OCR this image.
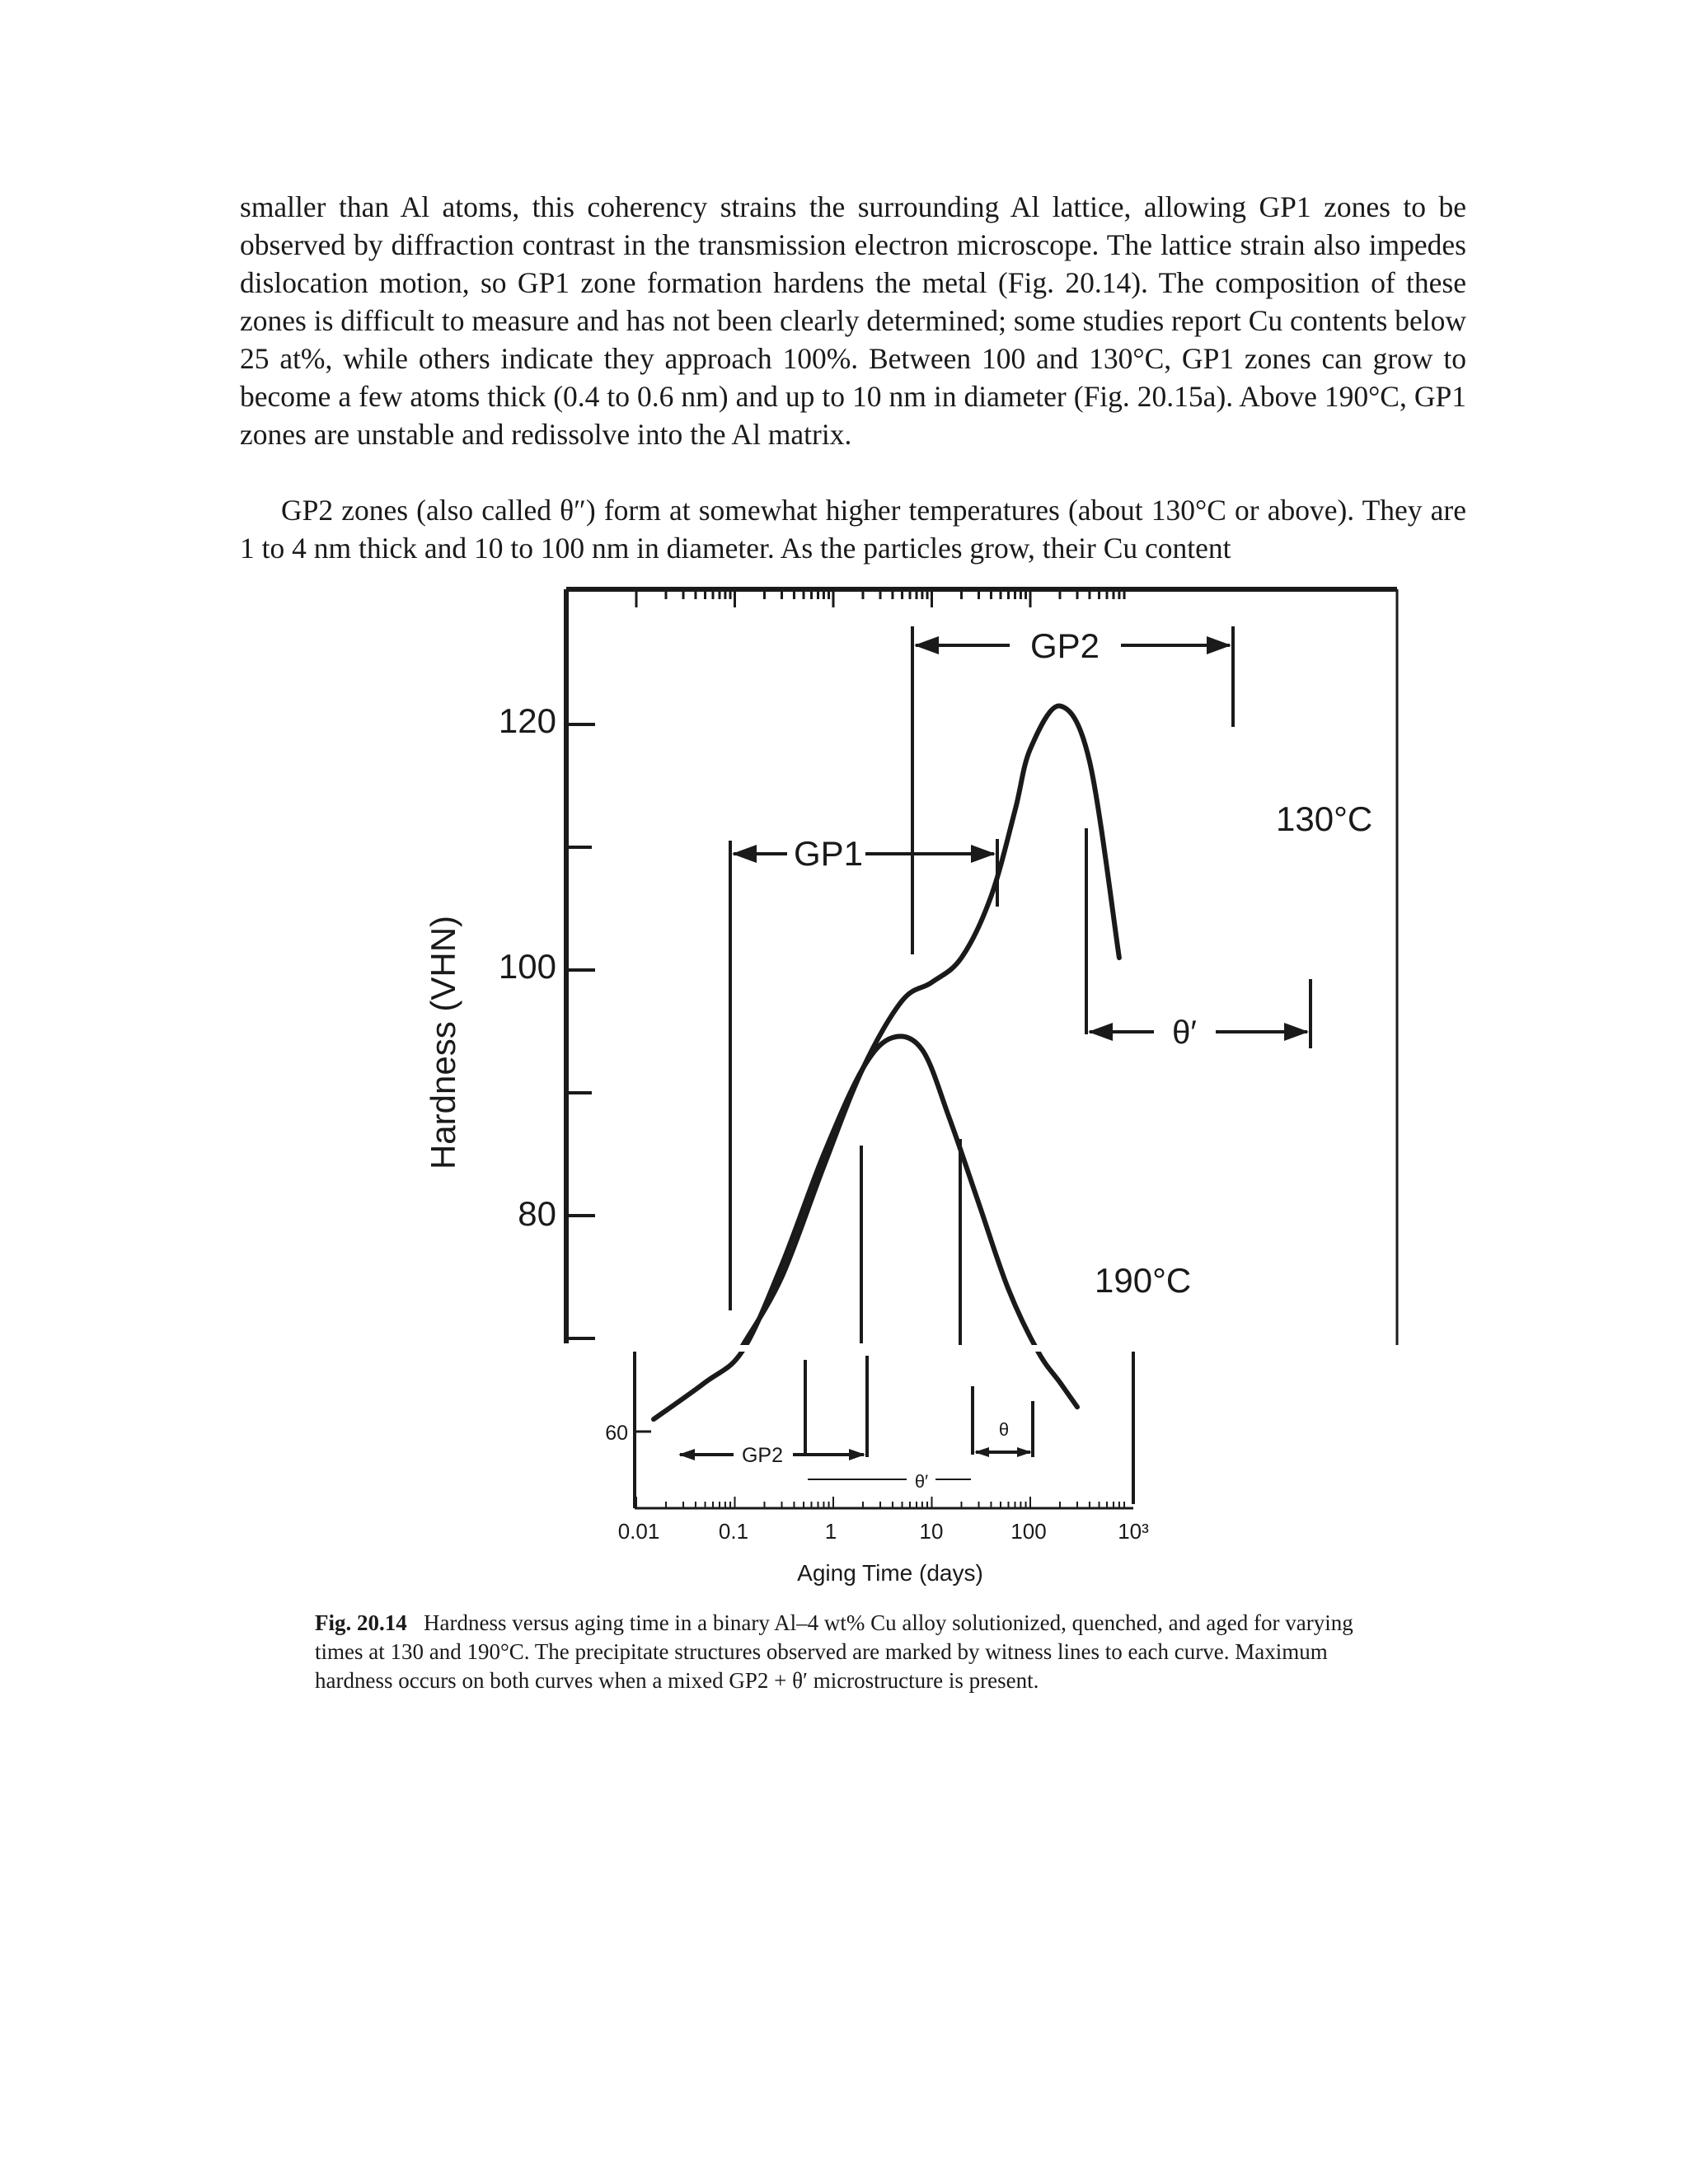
smaller than Al atoms, this coherency strains the surrounding Al lattice, allowing GP1 zones to be observed by diffraction contrast in the transmission electron microscope. The lattice strain also impedes dislocation motion, so GP1 zone formation hardens the metal (Fig. 20.14). The composition of these zones is difficult to measure and has not been clearly determined; some studies report Cu contents below 25 at%, while others indicate they approach 100%. Between 100 and 130°C, GP1 zones can grow to become a few atoms thick (0.4 to 0.6 nm) and up to 10 nm in diameter (Fig. 20.15a). Above 190°C, GP1 zones are unstable and redissolve into the Al matrix.

GP2 zones (also called θ″) form at somewhat higher temperatures (about 130°C or above). They are 1 to 4 nm thick and 10 to 100 nm in diameter. As the particles grow, their Cu content

60
80
100
120
0.01	0.1	1	10	100	10³
Aging Time (days)
Hardness (VHN)
130°C
190°C
GP1
GP2
θ′
GP2
θ′
θ

Fig. 20.14 Hardness versus aging time in a binary Al–4 wt% Cu alloy solutionized, quenched, and aged for varying times at 130 and 190°C. The precipitate structures observed are marked by witness lines to each curve. Maximum hardness occurs on both curves when a mixed GP2 + θ′ microstructure is present.
